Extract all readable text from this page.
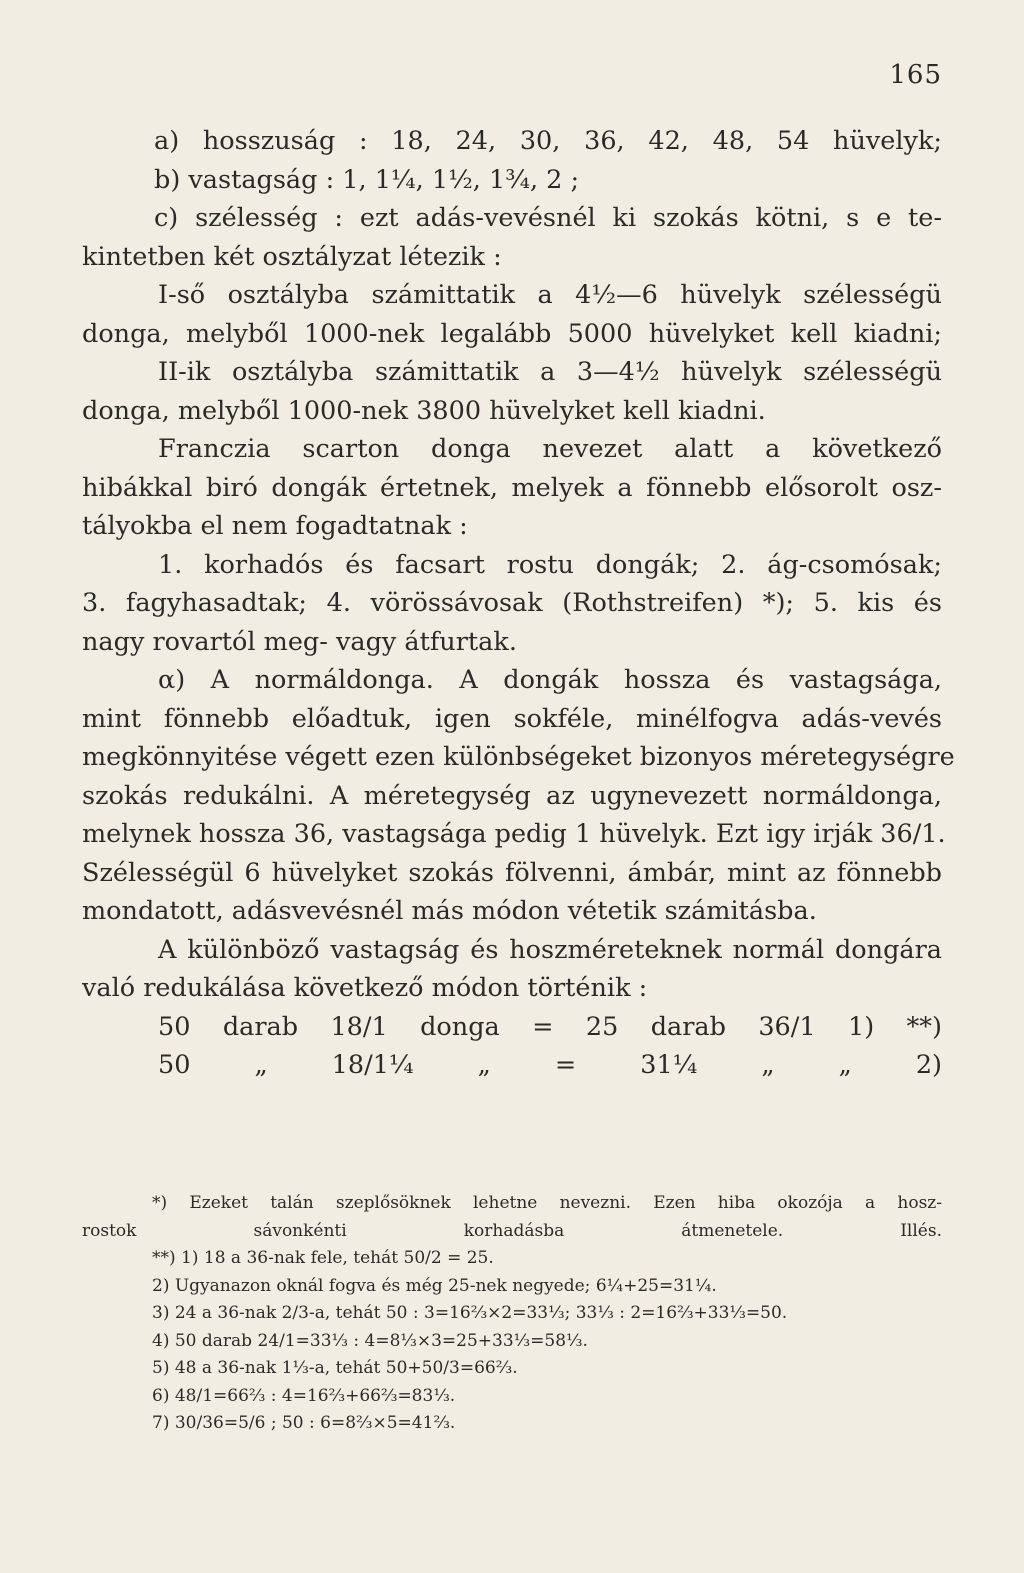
165
a) hosszuság : 18, 24, 30, 36, 42, 48, 54 hüvelyk;
b) vastagság : 1, 1¼, 1½, 1¾, 2 ;
c) szélesség : ezt adás-vevésnél ki szokás kötni, s e te-
kintetben két osztályzat létezik :
I-ső osztályba számittatik a 4½—6 hüvelyk szélességü
donga, melyből 1000-nek legalább 5000 hüvelyket kell kiadni;
II-ik osztályba számittatik a 3—4½ hüvelyk szélességü
donga, melyből 1000-nek 3800 hüvelyket kell kiadni.
Francziа scarton donga nevezet alatt a következő
hibákkal biró dongák értetnek, melyek a fönnebb elősorolt osz-
tályokba el nem fogadtatnak :
1. korhadós és facsart rostu dongák; 2. ág-csomósak;
3. fagyhasadtak; 4. vörössávosak (Rothstreifen) *); 5. kis és
nagy rovartól meg- vagy átfurtak.
α) A normáldonga. A dongák hossza és vastagsága,
mint fönnebb előadtuk, igen sokféle, minélfogva adás-vevés
megkönnyitése végett ezen különbségeket bizonyos méretegységre
szokás redukálni. A méretegység az ugynevezett normáldonga,
melynek hossza 36, vastagsága pedig 1 hüvelyk. Ezt igy irják 36/1.
Szélességül 6 hüvelyket szokás fölvenni, ámbár, mint az fönnebb
mondatott, adásvevésnél más módon vétetik számitásba.
A különböző vastagság és hoszméreteknek normál dongára
való redukálása következő módon történik :
50 darab 18/1 donga = 25 darab 36/1 1) **)
50 „ 18/1¼ „ = 31¼ „ „ 2)
*) Ezeket talán szeplősöknek lehetne nevezni. Ezen hiba okozója a hosz-
rostok sávonkénti korhadásba átmenetele. Illés.
**) 1) 18 a 36-nak fele, tehát 50/2 = 25.
2) Ugyanazon oknál fogva és még 25-nek negyede; 6¼+25=31¼.
3) 24 a 36-nak 2/3-a, tehát 50 : 3=16⅔×2=33⅓; 33⅓ : 2=16⅔+33⅓=50.
4) 50 darab 24/1=33⅓ : 4=8⅓×3=25+33⅓=58⅓.
5) 48 a 36-nak 1⅓-a, tehát 50+50/3=66⅔.
6) 48/1=66⅔ : 4=16⅔+66⅔=83⅓.
7) 30/36=5/6 ; 50 : 6=8⅔×5=41⅔.
